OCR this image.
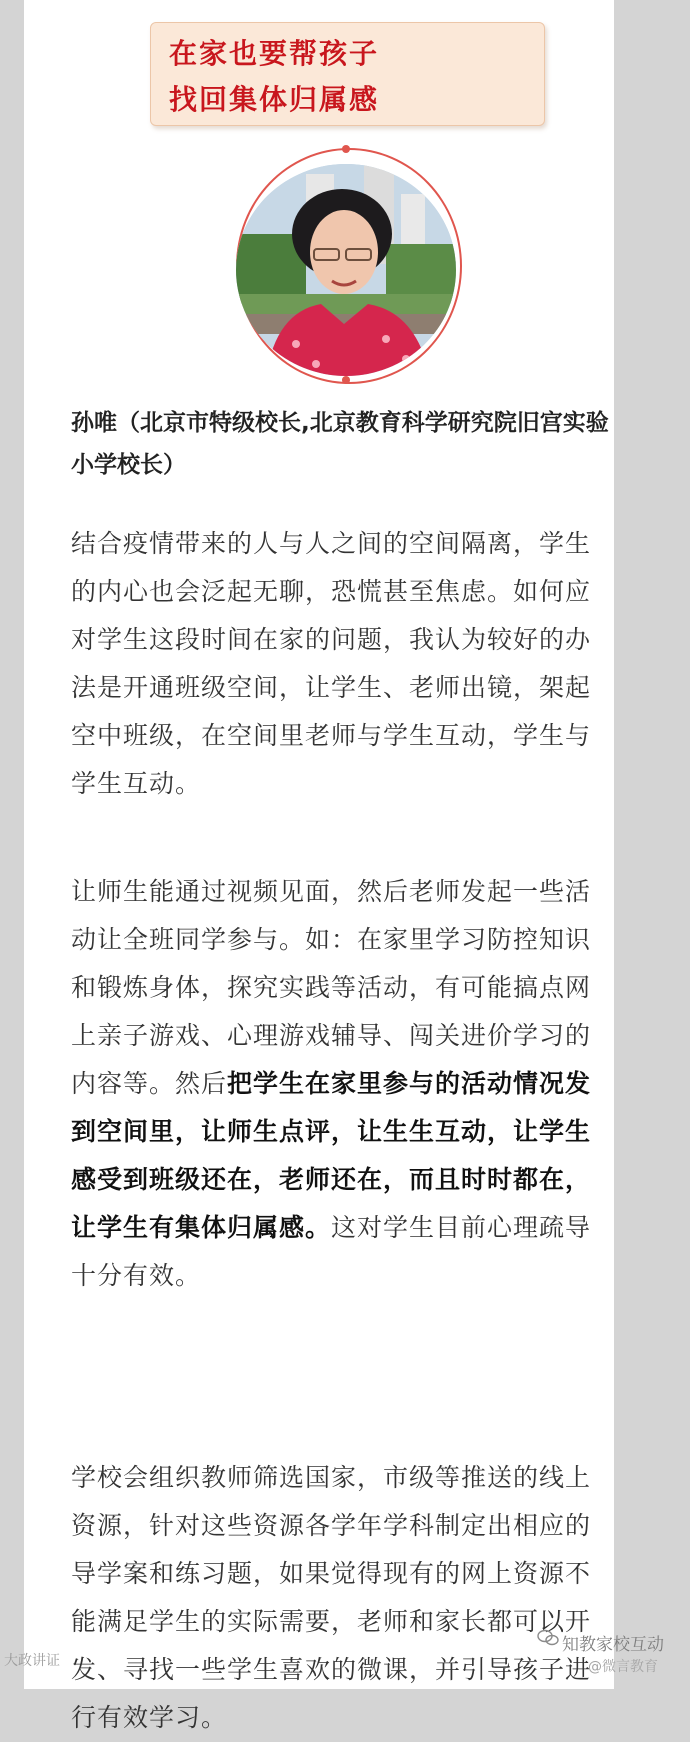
在家也要帮孩子
找回集体归属感
孙唯（北京市特级校长,北京教育科学研究院旧宫实验小学校长）
结合疫情带来的人与人之间的空间隔离，学生的内心也会泛起无聊，恐慌甚至焦虑。如何应对学生这段时间在家的问题，我认为较好的办法是开通班级空间，让学生、老师出镜，架起空中班级，在空间里老师与学生互动，学生与学生互动。
让师生能通过视频见面，然后老师发起一些活动让全班同学参与。如：在家里学习防控知识和锻炼身体，探究实践等活动，有可能搞点网上亲子游戏、心理游戏辅导、闯关进价学习的内容等。然后把学生在家里参与的活动情况发到空间里，让师生点评，让生生互动，让学生感受到班级还在，老师还在，而且时时都在，让学生有集体归属感。这对学生目前心理疏导十分有效。
学校会组织教师筛选国家，市级等推送的线上资源，针对这些资源各学年学科制定出相应的导学案和练习题，如果觉得现有的网上资源不能满足学生的实际需要，老师和家长都可以开发、寻找一些学生喜欢的微课，并引导孩子进行有效学习。
大政讲证
知教家校互动
@微言教育
